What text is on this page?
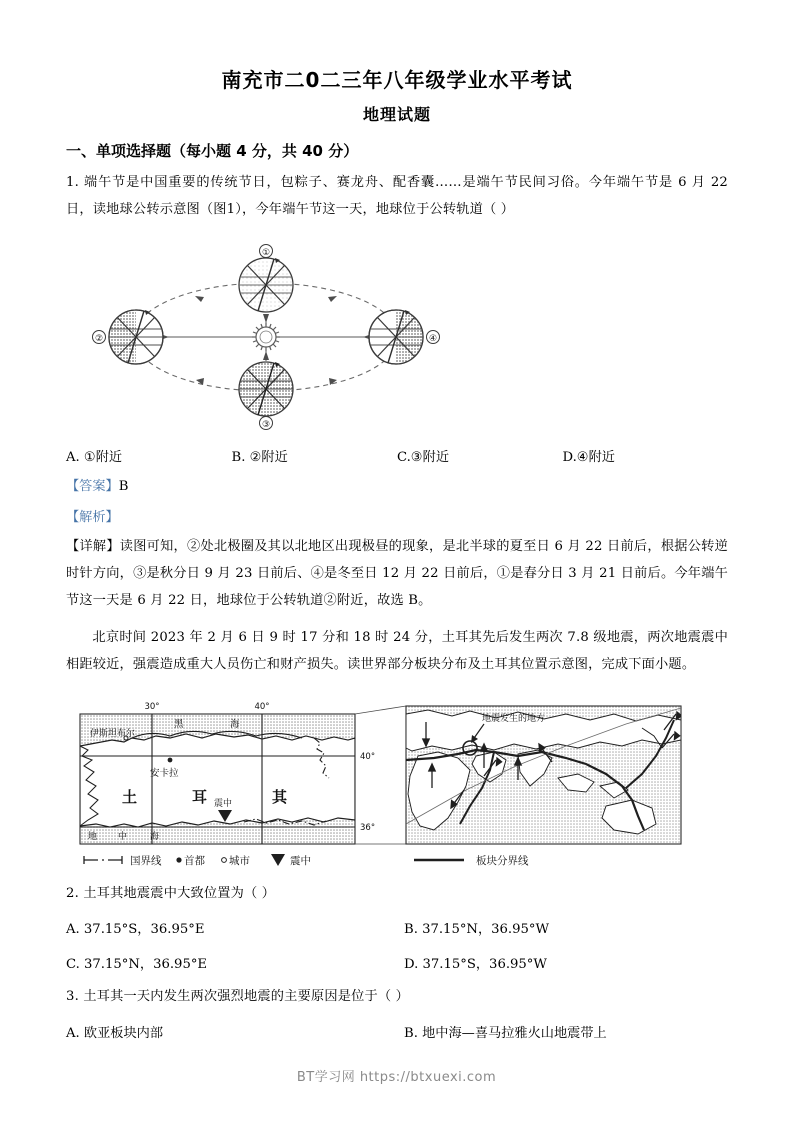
南充市二0二三年八年级学业水平考试
地理试题
一、单项选择题（每小题 4 分，共 40 分）
1. 端午节是中国重要的传统节日，包粽子、赛龙舟、配香囊……是端午节民间习俗。今年端午节是 6 月 22 日，读地球公转示意图（图1），今年端午节这一天，地球位于公转轨道（ ）
①
②	④
③
A. ①附近	B. ②附近	C.③附近	D.④附近
【答案】B
【解析】
【详解】读图可知，②处北极圈及其以北地区出现极昼的现象，是北半球的夏至日 6 月 22 日前后，根据公转逆时针方向，③是秋分日 9 月 23 日前后、④是冬至日 12 月 22 日前后，①是春分日 3 月 21 日前后。今年端午节这一天是 6 月 22 日，地球位于公转轨道②附近，故选 B。
北京时间 2023 年 2 月 6 日 9 时 17 分和 18 时 24 分，土耳其先后发生两次 7.8 级地震，两次地震震中相距较近，强震造成重大人员伤亡和财产损失。读世界部分板块分布及土耳其位置示意图，完成下面小题。
30°	40°
40°
36°
黑	海
地 中	海
伊斯坦布尔
安卡拉
土	耳	其
震中
国界线 首都 城市	震中
地震发生的地方
板块分界线
2. 土耳其地震震中大致位置为（ ）
A. 37.15°S，36.95°E	B. 37.15°N，36.95°W
C. 37.15°N，36.95°E	D. 37.15°S，36.95°W
3. 土耳其一天内发生两次强烈地震的主要原因是位于（ ）
A. 欧亚板块内部	B. 地中海—喜马拉雅火山地震带上
BT学习网 https://btxuexi.com
